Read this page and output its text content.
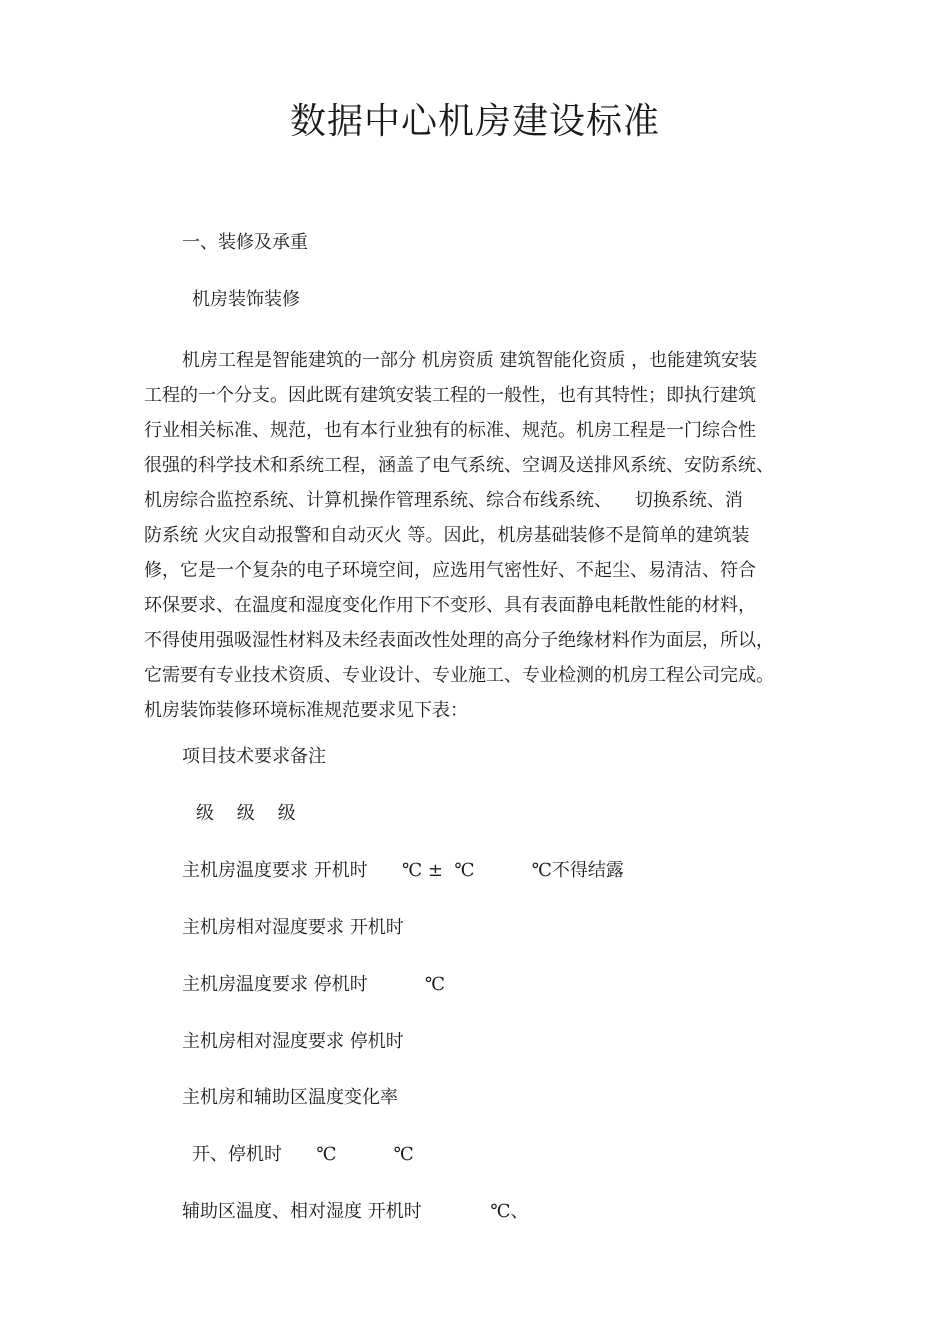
数据中心机房建设标准
一、装修及承重
机房装饰装修
机房工程是智能建筑的一部分 机房资质 建筑智能化资质 ，也能建筑安装
工程的一个分支。因此既有建筑安装工程的一般性，也有其特性；即执行建筑
行业相关标准、规范，也有本行业独有的标准、规范。机房工程是一门综合性
很强的科学技术和系统工程，涵盖了电气系统、空调及送排风系统、安防系统、
机房综合监控系统、计算机操作管理系统、综合布线系统、    切换系统、消
防系统 火灾自动报警和自动灭火 等。因此，机房基础装修不是简单的建筑装
修，它是一个复杂的电子环境空间，应选用气密性好、不起尘、易清洁、符合
环保要求、在温度和湿度变化作用下不变形、具有表面静电耗散性能的材料，
不得使用强吸湿性材料及未经表面改性处理的高分子绝缘材料作为面层，所以，
它需要有专业技术资质、专业设计、专业施工、专业检测的机房工程公司完成。
机房装饰装修环境标准规范要求见下表：
项目技术要求备注
级    级    级
主机房温度要求 开机时      ℃ ±  ℃          ℃不得结露
主机房相对湿度要求 开机时
主机房温度要求 停机时          ℃
主机房相对湿度要求 停机时
主机房和辅助区温度变化率
开、停机时      ℃          ℃
辅助区温度、相对湿度 开机时            ℃、
